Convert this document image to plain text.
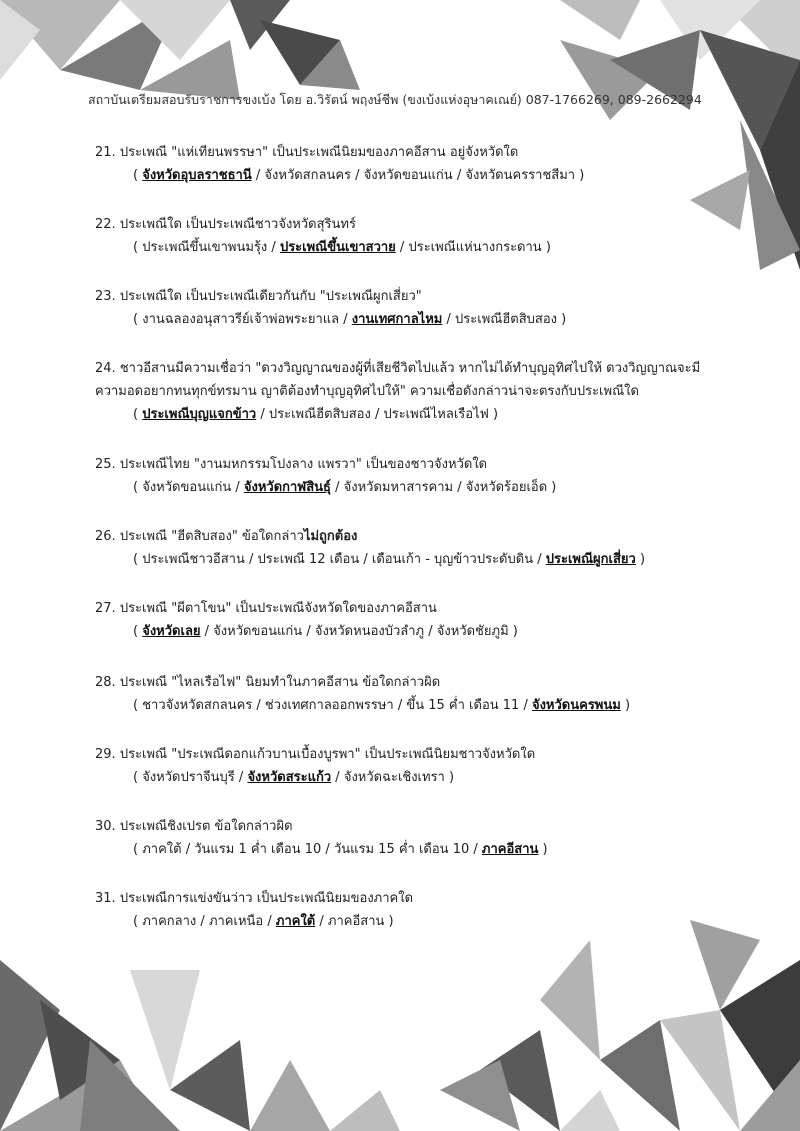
สถาบันเตรียมสอบรับราชการขงเบ้ง โดย อ.วิรัตน์ พฤงษ์ชีพ (ขงเบ้งแห่งอุษาคเณย์) 087-1766269, 089-2662294
21. ประเพณี "แห่เทียนพรรษา" เป็นประเพณีนิยมของภาคอีสาน อยู่จังหวัดใด
( จังหวัดอุบลราชธานี / จังหวัดสกลนคร / จังหวัดขอนแก่น / จังหวัดนครราชสีมา )
22. ประเพณีใด เป็นประเพณีชาวจังหวัดสุรินทร์
( ประเพณีขึ้นเขาพนมรุ้ง / ประเพณีขึ้นเขาสวาย / ประเพณีแห่นางกระดาน )
23. ประเพณีใด เป็นประเพณีเดียวกันกับ "ประเพณีผูกเสี่ยว"
( งานฉลองอนุสาวรีย์เจ้าพ่อพระยาแล / งานเทศกาลไหม / ประเพณีฮีตสิบสอง )
24. ชาวอีสานมีความเชื่อว่า "ดวงวิญญาณของผู้ที่เสียชีวิตไปแล้ว หากไม่ได้ทำบุญอุทิศไปให้ ดวงวิญญาณจะมี
ความอดอยากทนทุกข์ทรมาน ญาติต้องทำบุญอุทิศไปให้" ความเชื่อดังกล่าวน่าจะตรงกับประเพณีใด
( ประเพณีบุญแจกข้าว / ประเพณีฮีตสิบสอง / ประเพณีไหลเรือไฟ )
25. ประเพณีไทย "งานมหกรรมโปงลาง แพรวา" เป็นของชาวจังหวัดใด
( จังหวัดขอนแก่น / จังหวัดกาฬสินธุ์ / จังหวัดมหาสารคาม / จังหวัดร้อยเอ็ด )
26. ประเพณี "ฮีตสิบสอง" ข้อใดกล่าวไม่ถูกต้อง
( ประเพณีชาวอีสาน / ประเพณี 12 เดือน / เดือนเก้า - บุญข้าวประดับดิน / ประเพณีผูกเสี่ยว )
27. ประเพณี "ผีตาโขน" เป็นประเพณีจังหวัดใดของภาคอีสาน
( จังหวัดเลย / จังหวัดขอนแก่น / จังหวัดหนองบัวลำภู / จังหวัดชัยภูมิ )
28. ประเพณี "ไหลเรือไฟ" นิยมทำในภาคอีสาน ข้อใดกล่าวผิด
( ชาวจังหวัดสกลนคร / ช่วงเทศกาลออกพรรษา / ขึ้น 15 ค่ำ เดือน 11 / จังหวัดนครพนม )
29. ประเพณี "ประเพณีดอกแก้วบานเบื้องบูรพา" เป็นประเพณีนิยมชาวจังหวัดใด
( จังหวัดปราจีนบุรี / จังหวัดสระแก้ว / จังหวัดฉะเชิงเทรา )
30. ประเพณีชิงเปรต ข้อใดกล่าวผิด
( ภาคใต้ / วันแรม 1 ค่ำ เดือน 10 / วันแรม 15 ค่ำ เดือน 10 / ภาคอีสาน )
31. ประเพณีการแข่งขันว่าว เป็นประเพณีนิยมของภาคใด
( ภาคกลาง / ภาคเหนือ / ภาคใต้ / ภาคอีสาน )
